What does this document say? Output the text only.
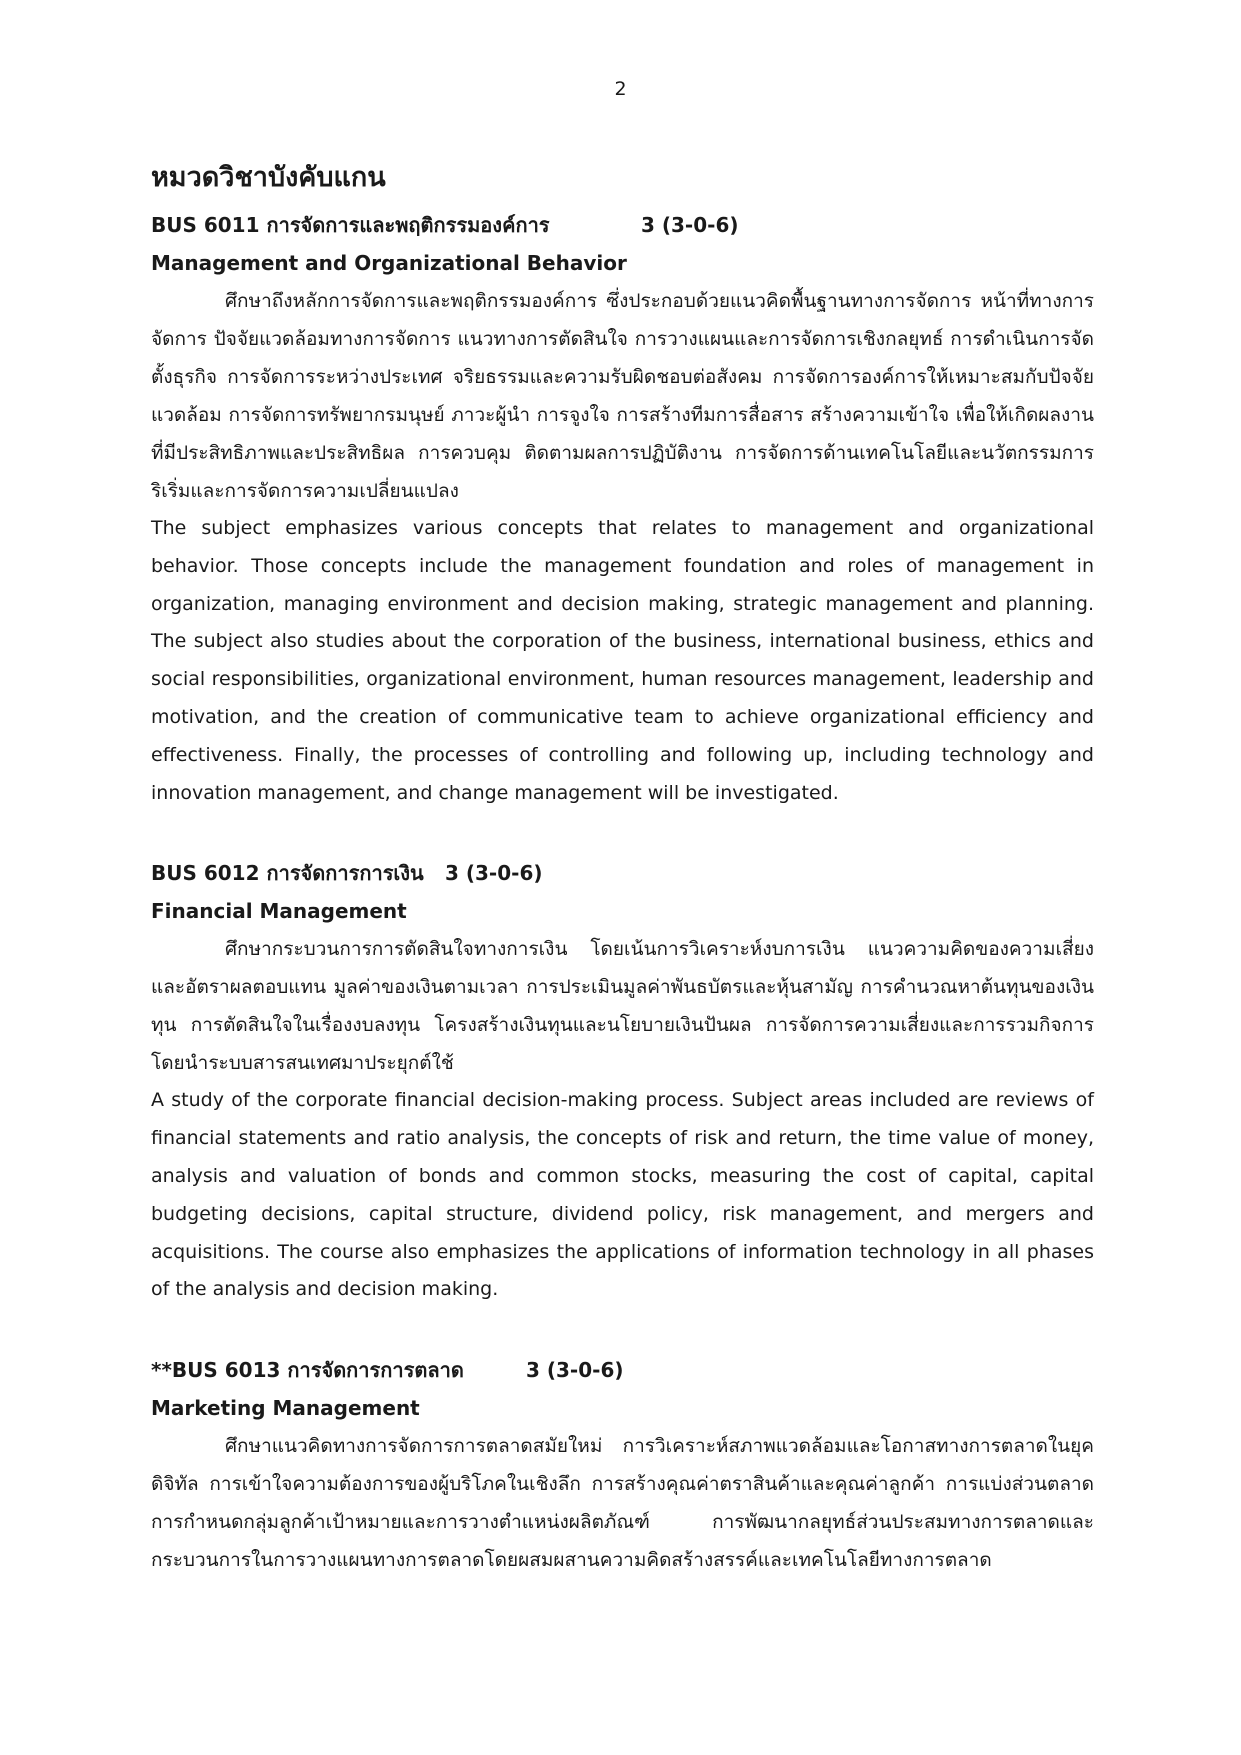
2
หมวดวิชาบังคับแกน
BUS 6011 การจัดการและพฤติกรรมองค์การ	3 (3-0-6)
Management and Organizational Behavior

ศึกษาถึงหลักการจัดการและพฤติกรรมองค์การ ซึ่งประกอบด้วยแนวคิดพื้นฐานทางการจัดการ หน้าที่ทางการจัดการ ปัจจัยแวดล้อมทางการจัดการ แนวทางการตัดสินใจ การวางแผนและการจัดการเชิงกลยุทธ์ การดำเนินการจัดตั้งธุรกิจ การจัดการระหว่างประเทศ จริยธรรมและความรับผิดชอบต่อสังคม การจัดการองค์การให้เหมาะสมกับปัจจัยแวดล้อม การจัดการทรัพยากรมนุษย์ ภาวะผู้นำ การจูงใจ การสร้างทีมการสื่อสาร สร้างความเข้าใจ เพื่อให้เกิดผลงานที่มีประสิทธิภาพและประสิทธิผล การควบคุม ติดตามผลการปฏิบัติงาน การจัดการด้านเทคโนโลยีและนวัตกรรมการริเริ่มและการจัดการความเปลี่ยนแปลง

The subject emphasizes various concepts that relates to management and organizational behavior. Those concepts include the management foundation and roles of management in organization, managing environment and decision making, strategic management and planning. The subject also studies about the corporation of the business, international business, ethics and social responsibilities, organizational environment, human resources management, leadership and motivation, and the creation of communicative team to achieve organizational efficiency and effectiveness. Finally, the processes of controlling and following up, including technology and innovation management, and change management will be investigated.

BUS 6012 การจัดการการเงิน 3 (3-0-6)
Financial Management

ศึกษากระบวนการการตัดสินใจทางการเงิน โดยเน้นการวิเคราะห์งบการเงิน แนวความคิดของความเสี่ยงและอัตราผลตอบแทน มูลค่าของเงินตามเวลา การประเมินมูลค่าพันธบัตรและหุ้นสามัญ การคำนวณหาต้นทุนของเงินทุน การตัดสินใจในเรื่องงบลงทุน โครงสร้างเงินทุนและนโยบายเงินปันผล การจัดการความเสี่ยงและการรวมกิจการโดยนำระบบสารสนเทศมาประยุกต์ใช้

A study of the corporate financial decision-making process. Subject areas included are reviews of financial statements and ratio analysis, the concepts of risk and return, the time value of money, analysis and valuation of bonds and common stocks, measuring the cost of capital, capital budgeting decisions, capital structure, dividend policy, risk management, and mergers and acquisitions. The course also emphasizes the applications of information technology in all phases of the analysis and decision making.

**BUS 6013 การจัดการการตลาด	3 (3-0-6)
Marketing Management

ศึกษาแนวคิดทางการจัดการการตลาดสมัยใหม่ การวิเคราะห์สภาพแวดล้อมและโอกาสทางการตลาดในยุคดิจิทัล การเข้าใจความต้องการของผู้บริโภคในเชิงลึก การสร้างคุณค่าตราสินค้าและคุณค่าลูกค้า การแบ่งส่วนตลาด การกำหนดกลุ่มลูกค้าเป้าหมายและการวางตำแหน่งผลิตภัณฑ์ การพัฒนากลยุทธ์ส่วนประสมทางการตลาดและกระบวนการในการวางแผนทางการตลาดโดยผสมผสานความคิดสร้างสรรค์และเทคโนโลยีทางการตลาด
